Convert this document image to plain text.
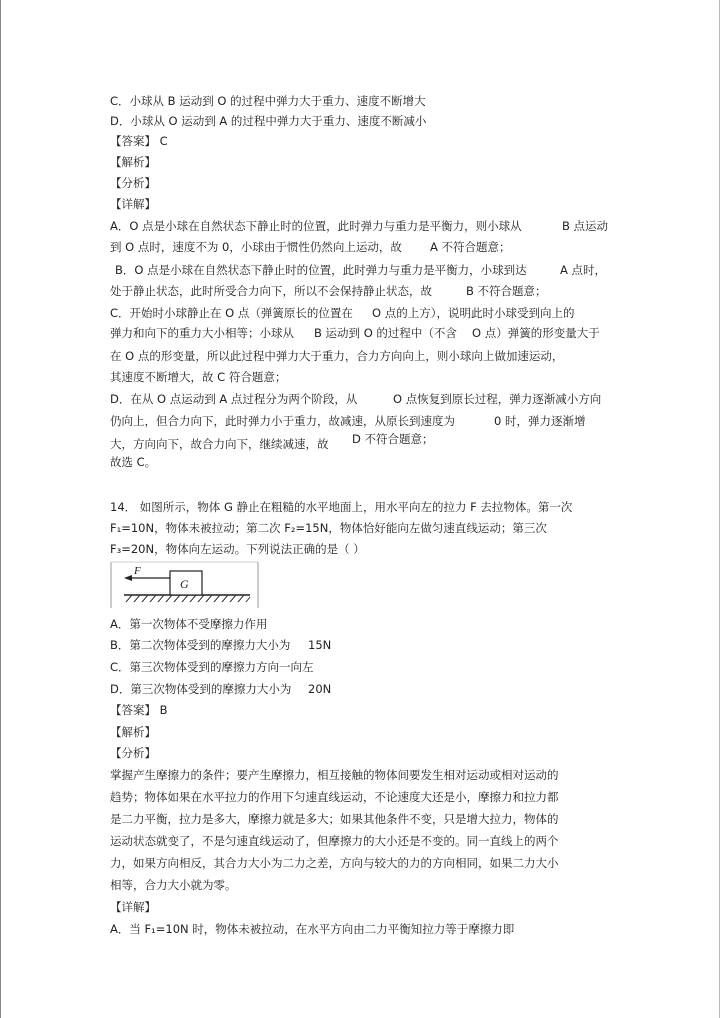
C．小球从 B 运动到 O 的过程中弹力大于重力、速度不断增大
D．小球从 O 运动到 A 的过程中弹力大于重力、速度不断减小
【答案】 C
【解析】
【分析】
【详解】
A．O 点是小球在自然状态下静止时的位置，此时弹力与重力是平衡力，则小球从	B 点运动
到 O 点时，速度不为 0，小球由于惯性仍然向上运动，故 A 不符合题意；
B．O 点是小球在自然状态下静止时的位置，此时弹力与重力是平衡力，小球到达	A 点时，
处于静止状态，此时所受合力向下，所以不会保持静止状态，故	B 不符合题意；
C．开始时小球静止在 O 点（弹簧原长的位置在 O 点的上方），说明此时小球受到向上的
弹力和向下的重力大小相等；小球从 B 运动到 O 的过程中（不含 O 点）弹簧的形变量大于
在 O 点的形变量，所以此过程中弹力大于重力，合力方向向上，则小球向上做加速运动，
其速度不断增大，故 C 符合题意；
D．在从 O 点运动到 A 点过程分为两个阶段，从	O 点恢复到原长过程，弹力逐渐减小方向
仍向上，但合力向下，此时弹力小于重力，故减速，从原长到速度为	0 时，弹力逐渐增
大，方向向下，故合力向下，继续减速，故 D 不符合题意；
故选 C。
14． 如图所示，物体 G 静止在粗糙的水平地面上，用水平向左的拉力 F 去拉物体。第一次
F₁=10N，物体未被拉动；第二次 F₂=15N，物体恰好能向左做匀速直线运动；第三次
F₃=20N，物体向左运动。下列说法正确的是（ ）
F
G
A．第一次物体不受摩擦力作用
B．第二次物体受到的摩擦力大小为 15N
C．第三次物体受到的摩擦力方向一向左
D．第三次物体受到的摩擦力大小为 20N
【答案】 B
【解析】
【分析】
掌握产生摩擦力的条件；要产生摩擦力，相互接触的物体间要发生相对运动或相对运动的
趋势；物体如果在水平拉力的作用下匀速直线运动，不论速度大还是小，摩擦力和拉力都
是二力平衡，拉力是多大，摩擦力就是多大；如果其他条件不变，只是增大拉力，物体的
运动状态就变了，不是匀速直线运动了，但摩擦力的大小还是不变的。同一直线上的两个
力，如果方向相反，其合力大小为二力之差，方向与较大的力的方向相同，如果二力大小
相等，合力大小就为零。
【详解】
A．当 F₁=10N 时，物体未被拉动，在水平方向由二力平衡知拉力等于摩擦力即
